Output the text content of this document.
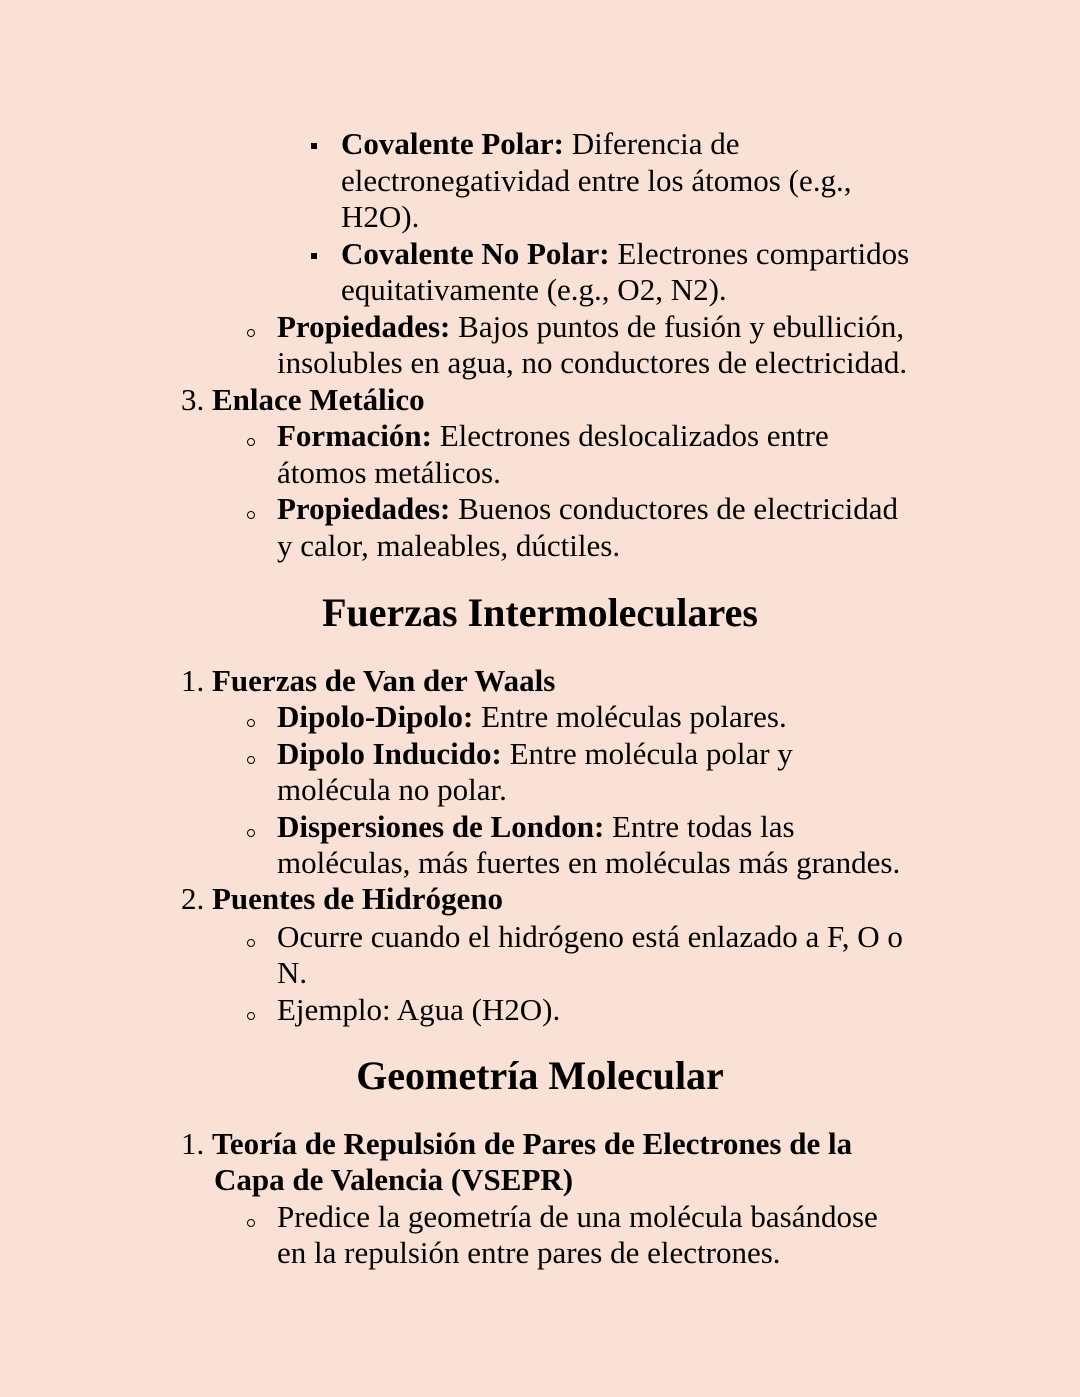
Covalente Polar: Diferencia de
electronegatividad entre los átomos (e.g.,
H2O).
Covalente No Polar: Electrones compartidos
equitativamente (e.g., O2, N2).
Propiedades: Bajos puntos de fusión y ebullición,
insolubles en agua, no conductores de electricidad.
3. Enlace Metálico
Formación: Electrones deslocalizados entre
átomos metálicos.
Propiedades: Buenos conductores de electricidad
y calor, maleables, dúctiles.
Fuerzas Intermoleculares
1. Fuerzas de Van der Waals
Dipolo-Dipolo: Entre moléculas polares.
Dipolo Inducido: Entre molécula polar y
molécula no polar.
Dispersiones de London: Entre todas las
moléculas, más fuertes en moléculas más grandes.
2. Puentes de Hidrógeno
Ocurre cuando el hidrógeno está enlazado a F, O o
N.
Ejemplo: Agua (H2O).
Geometría Molecular
1. Teoría de Repulsión de Pares de Electrones de la
Capa de Valencia (VSEPR)
Predice la geometría de una molécula basándose
en la repulsión entre pares de electrones.
